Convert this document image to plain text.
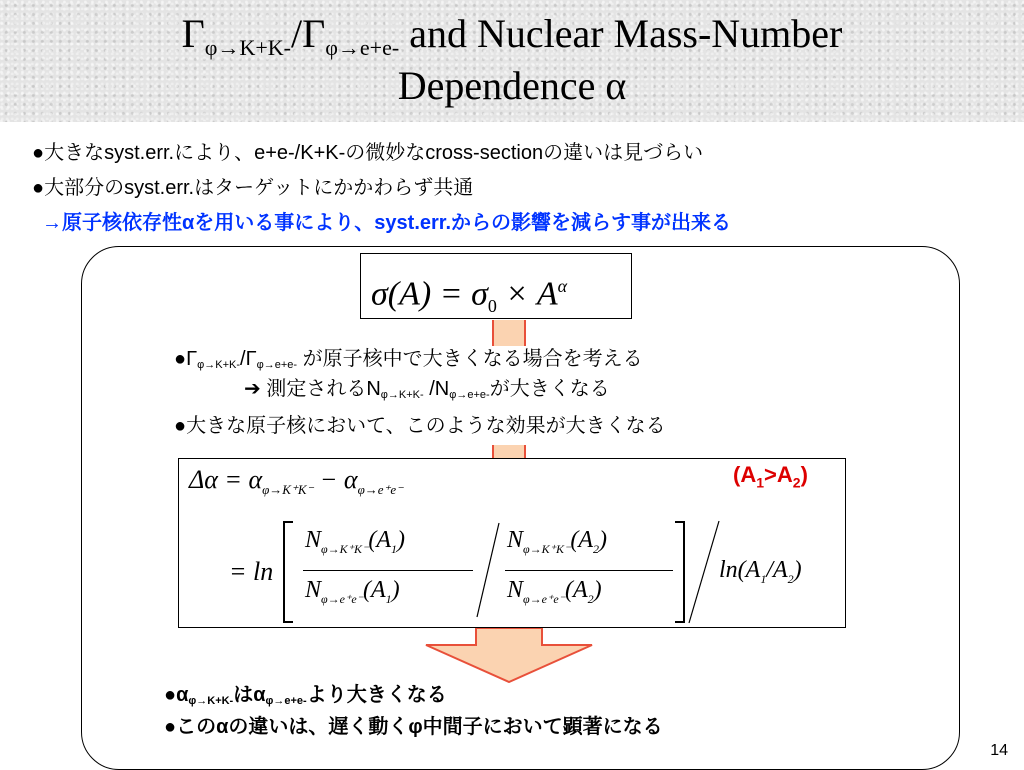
$\Gamma_{\varphi\to K+K-}/\Gamma_{\varphi\to e+e-}$ and Nuclear Mass-Number
Dependence α
●大きなsyst.err.により、e+e-/K+K-の微妙なcross-sectionの違いは見づらい
●大部分のsyst.err.はターゲットにかかわらず共通
→原子核依存性αを用いる事により、syst.err.からの影響を減らす事が出来る
$\sigma(A) = \sigma_0 \times A^\alpha$
●Γφ→K+K-/Γφ→e+e- が原子核中で大きくなる場合を考える
➔ 測定されるNφ→K+K- /Nφ→e+e-が大きくなる
●大きな原子核において、このような効果が大きくなる
$\Delta\alpha = \alpha_{\varphi\to K^+K^-} - \alpha_{\varphi\to e^+e^-}$
= ln
$N_{\varphi\to K^+K^-}(A_1)$
$N_{\varphi\to e^+e^-}(A_1)$
$N_{\varphi\to K^+K^-}(A_2)$
$N_{\varphi\to e^+e^-}(A_2)$
$\ln(A_1/A_2)$
$(A_1>A_2)$
●αφ→K+K-はαφ→e+e-より大きくなる
●このαの違いは、遅く動くφ中間子において顕著になる
14
